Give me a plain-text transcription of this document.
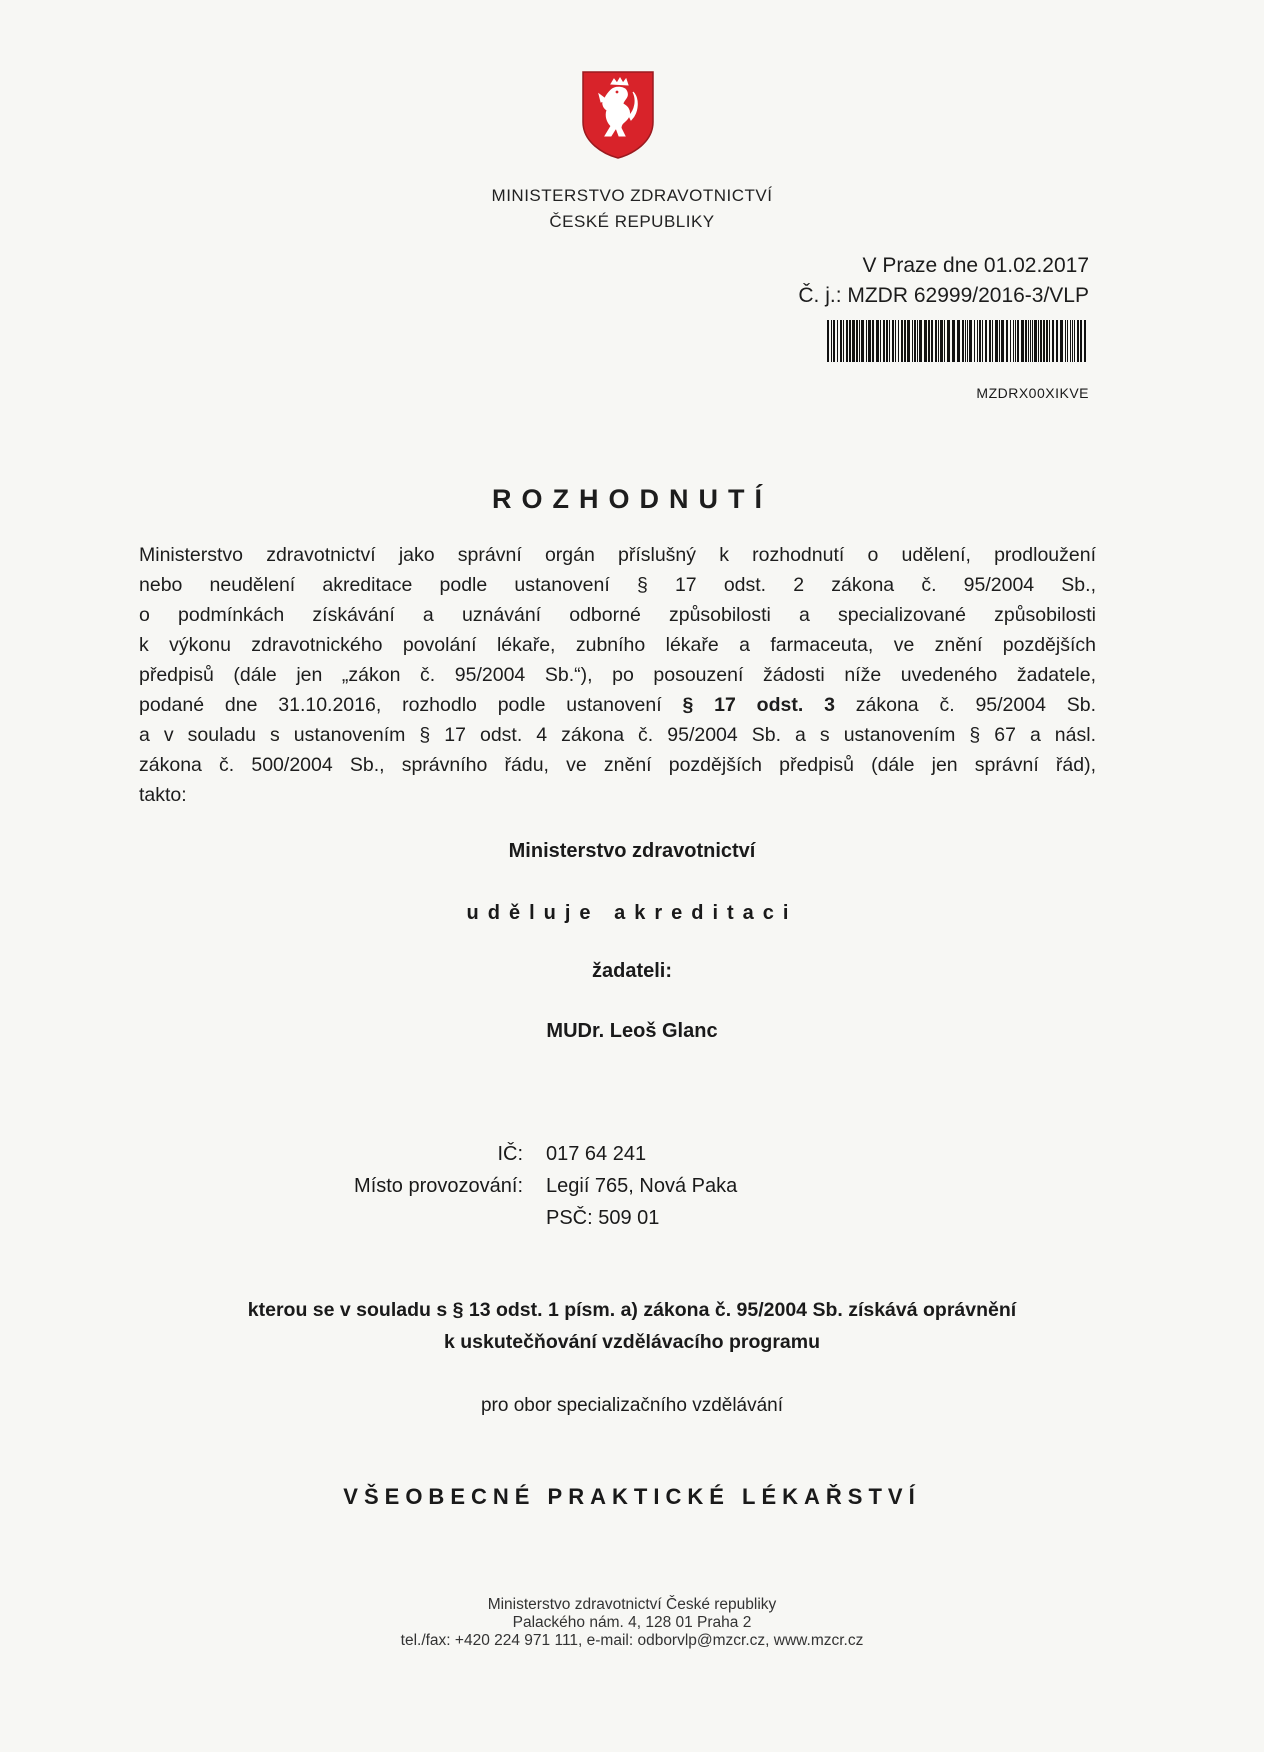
MINISTERSTVO ZDRAVOTNICTVÍ
ČESKÉ REPUBLIKY
V Praze dne 01.02.2017
Č. j.: MZDR 62999/2016-3/VLP
MZDRX00XIKVE
ROZHODNUTÍ
Ministerstvo zdravotnictví jako správní orgán příslušný k rozhodnutí o udělení, prodloužení
nebo neudělení akreditace podle ustanovení § 17 odst. 2 zákona č. 95/2004 Sb.,
o podmínkách získávání a uznávání odborné způsobilosti a specializované způsobilosti
k výkonu zdravotnického povolání lékaře, zubního lékaře a farmaceuta, ve znění pozdějších
předpisů (dále jen „zákon č. 95/2004 Sb.“), po posouzení žádosti níže uvedeného žadatele,
podané dne 31.10.2016, rozhodlo podle ustanovení § 17 odst. 3 zákona č. 95/2004 Sb.
a v souladu s ustanovením § 17 odst. 4 zákona č. 95/2004 Sb. a s ustanovením § 67 a násl.
zákona č. 500/2004 Sb., správního řádu, ve znění pozdějších předpisů (dále jen správní řád),
takto:
Ministerstvo zdravotnictví
uděluje akreditaci
žadateli:
MUDr. Leoš Glanc
IČ: 017 64 241
Místo provozování: Legií 765, Nová Paka
PSČ: 509 01
kterou se v souladu s § 13 odst. 1 písm. a) zákona č. 95/2004 Sb. získává oprávnění
k uskutečňování vzdělávacího programu
pro obor specializačního vzdělávání
VŠEOBECNÉ PRAKTICKÉ LÉKAŘSTVÍ
Ministerstvo zdravotnictví České republiky
Palackého nám. 4, 128 01 Praha 2
tel./fax: +420 224 971 111, e-mail: odborvlp@mzcr.cz, www.mzcr.cz
